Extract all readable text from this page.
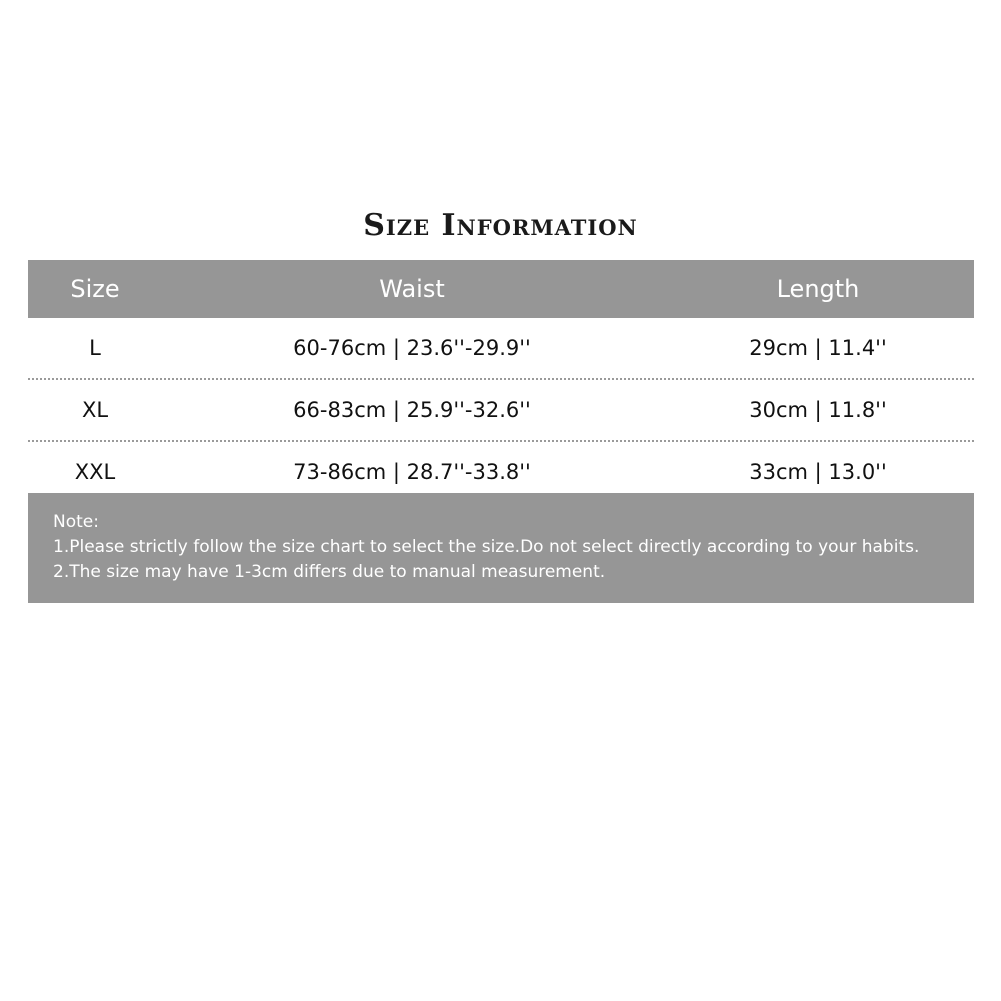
Size Information
Size	Waist	Length
L	60-76cm | 23.6''-29.9''	29cm | 11.4''
XL	66-83cm | 25.9''-32.6''	30cm | 11.8''
XXL	73-86cm | 28.7''-33.8''	33cm | 13.0''
Note:
1.Please strictly follow the size chart to select the size.Do not select directly according to your habits.
2.The size may have 1-3cm differs due to manual measurement.
